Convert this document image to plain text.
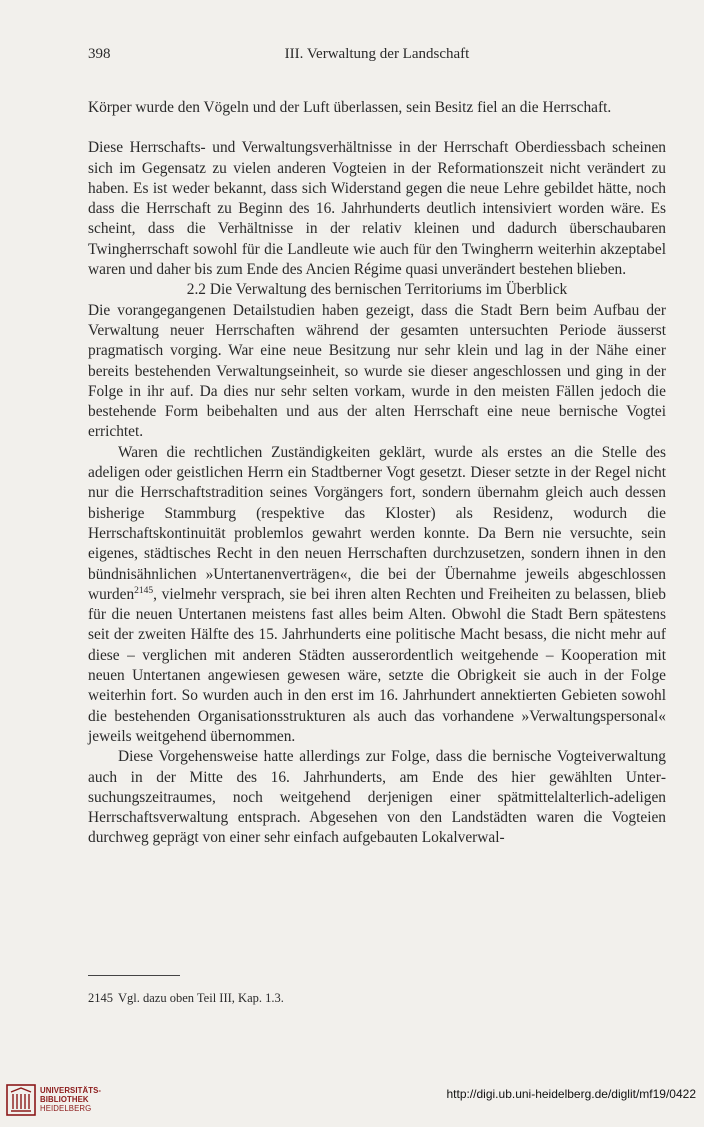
398	III. Verwaltung der Landschaft

Körper wurde den Vögeln und der Luft überlassen, sein Besitz fiel an die Herrschaft.

Diese Herrschafts- und Verwaltungsverhältnisse in der Herrschaft Oberdiessbach scheinen sich im Gegensatz zu vielen anderen Vogteien in der Reformationszeit nicht verändert zu haben. Es ist weder bekannt, dass sich Widerstand gegen die neue Lehre gebildet hätte, noch dass die Herrschaft zu Beginn des 16. Jahrhunderts deutlich intensiviert worden wäre. Es scheint, dass die Verhältnisse in der relativ kleinen und dadurch überschaubaren Twingherrschaft sowohl für die Landleute wie auch für den Twingherrn weiterhin akzeptabel waren und daher bis zum Ende des Ancien Régime quasi unverändert bestehen blieben.

2.2 Die Verwaltung des bernischen Territoriums im Überblick

Die vorangegangenen Detailstudien haben gezeigt, dass die Stadt Bern beim Aufbau der Verwaltung neuer Herrschaften während der gesamten untersuchten Periode äusserst pragmatisch vorging. War eine neue Besitzung nur sehr klein und lag in der Nähe einer bereits bestehenden Verwaltungseinheit, so wurde sie dieser angeschlossen und ging in der Folge in ihr auf. Da dies nur sehr selten vorkam, wurde in den meisten Fällen jedoch die bestehende Form beibehalten und aus der alten Herrschaft eine neue bernische Vogtei errichtet.

Waren die rechtlichen Zuständigkeiten geklärt, wurde als erstes an die Stelle des adeligen oder geistlichen Herrn ein Stadtberner Vogt gesetzt. Dieser setzte in der Regel nicht nur die Herrschaftstradition seines Vorgängers fort, sondern übernahm gleich auch dessen bisherige Stammburg (respektive das Kloster) als Residenz, wodurch die Herrschaftskontinuität problemlos gewahrt werden konnte. Da Bern nie versuchte, sein eigenes, städtisches Recht in den neuen Herrschaften durchzusetzen, sondern ihnen in den bündnisähnlichen »Untertanenverträgen«, die bei der Übernahme jeweils abgeschlossen wurden$^{2145}$, vielmehr versprach, sie bei ihren alten Rechten und Freiheiten zu belassen, blieb für die neuen Untertanen meistens fast alles beim Alten. Obwohl die Stadt Bern spätestens seit der zweiten Hälfte des 15. Jahrhunderts eine politische Macht besass, die nicht mehr auf diese – verglichen mit anderen Städten ausserordentlich weitgehende – Kooperation mit neuen Untertanen angewiesen gewesen wäre, setzte die Obrigkeit sie auch in der Folge weiterhin fort. So wurden auch in den erst im 16. Jahrhundert annektierten Gebieten sowohl die bestehenden Organisationsstrukturen als auch das vorhandene »Verwaltungspersonal« jeweils weitgehend übernommen.

Diese Vorgehensweise hatte allerdings zur Folge, dass die bernische Vogteiverwaltung auch in der Mitte des 16. Jahrhunderts, am Ende des hier gewählten Untersuchungszeitraumes, noch weitgehend derjenigen einer spätmittelalterlich-adeligen Herrschaftsverwaltung entsprach. Abgesehen von den Landstädten waren die Vogteien durchweg geprägt von einer sehr einfach aufgebauten Lokalverwal-

2145 Vgl. dazu oben Teil III, Kap. 1.3.
UNIVERSITÄTS-
BIBLIOTHEK
HEIDELBERG
http://digi.ub.uni-heidelberg.de/diglit/mf19/0422
